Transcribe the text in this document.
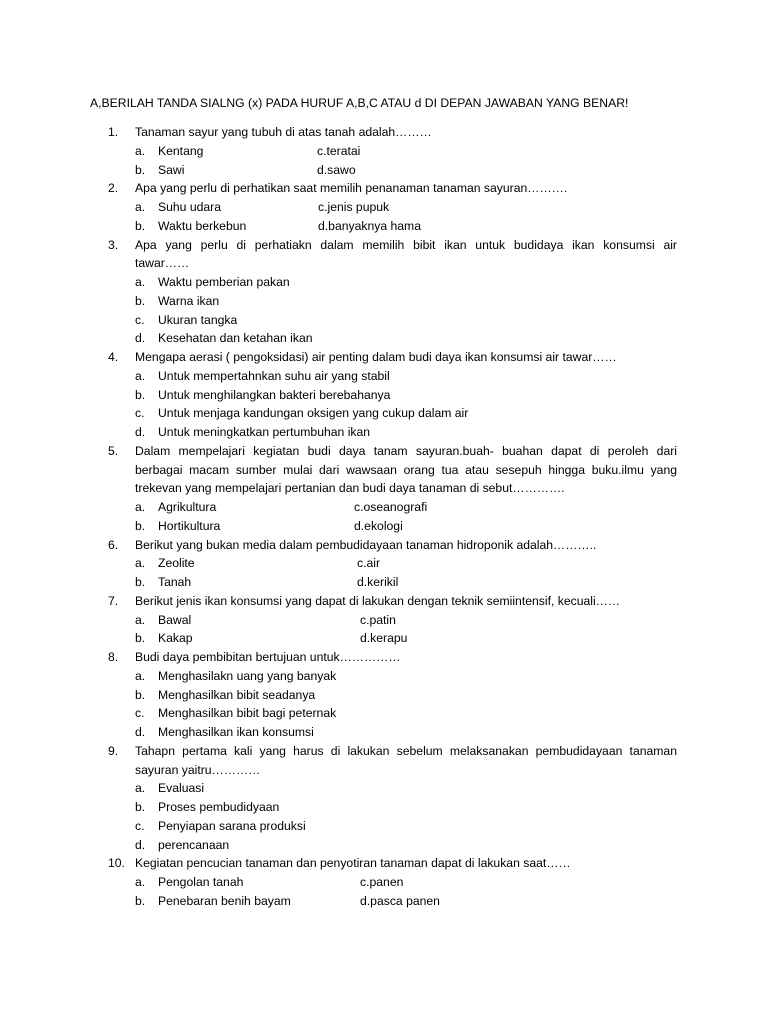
A,BERILAH TANDA SIALNG (x) PADA HURUF A,B,C ATAU d DI DEPAN JAWABAN YANG BENAR!
1. Tanaman sayur yang tubuh di atas tanah adalah………
a. Kentang	c.teratai
b. Sawi	d.sawo
2. Apa yang perlu di perhatikan saat memilih penanaman tanaman sayuran……….
a. Suhu udara	c.jenis pupuk
b. Waktu berkebun	d.banyaknya hama
3. Apa yang perlu di perhatiakn dalam memilih bibit ikan untuk budidaya ikan konsumsi air
tawar……
a. Waktu pemberian pakan
b. Warna ikan
c. Ukuran tangka
d. Kesehatan dan ketahan ikan
4. Mengapa aerasi ( pengoksidasi) air penting dalam budi daya ikan konsumsi air tawar……
a. Untuk mempertahnkan suhu air yang stabil
b. Untuk menghilangkan bakteri berebahanya
c. Untuk menjaga kandungan oksigen yang cukup dalam air
d. Untuk meningkatkan pertumbuhan ikan
5. Dalam mempelajari kegiatan budi daya tanam sayuran.buah- buahan dapat di peroleh dari
berbagai macam sumber mulai dari wawsaan orang tua atau sesepuh hingga buku.ilmu yang
trekevan yang mempelajari pertanian dan budi daya tanaman di sebut………….
a. Agrikultura	c.oseanografi
b. Hortikultura	d.ekologi
6. Berikut yang bukan media dalam pembudidayaan tanaman hidroponik adalah………..
a. Zeolite	c.air
b. Tanah	d.kerikil
7. Berikut jenis ikan konsumsi yang dapat di lakukan dengan teknik semiintensif, kecuali……
a. Bawal	c.patin
b. Kakap	d.kerapu
8. Budi daya pembibitan bertujuan untuk……………
a. Menghasilakn uang yang banyak
b. Menghasilkan bibit seadanya
c. Menghasilkan bibit bagi peternak
d. Menghasilkan ikan konsumsi
9. Tahapn pertama kali yang harus di lakukan sebelum melaksanakan pembudidayaan tanaman
sayuran yaitru…………
a. Evaluasi
b. Proses pembudidyaan
c. Penyiapan sarana produksi
d. perencanaan
10. Kegiatan pencucian tanaman dan penyotiran tanaman dapat di lakukan saat……
a. Pengolan tanah	c.panen
b. Penebaran benih bayam	d.pasca panen
